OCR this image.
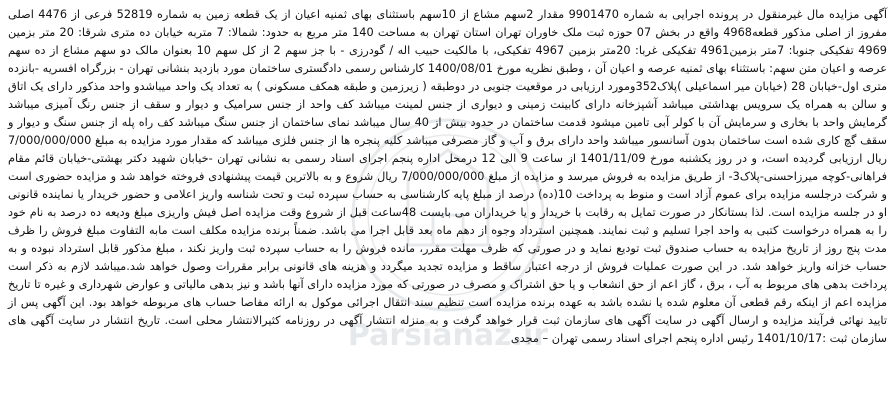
آگهی مزایده مال غیرمنقول در پرونده اجرایی به شماره 9901470 مقدار 2سهم مشاع از 10سهم باستثنای بهای ثمنیه اعیان از یک قطعه زمین به شماره 52819 فرعی از 4476 اصلی مفروز از اصلی مذکور قطعه4968 واقع در بخش 07 حوزه ثبت ملک خاوران تهران استان تهران به مساحت 140 متر مربع به حدود: شمالا: 7 متربه خیابان ده متری شرقا: 20 متر بزمین 4969 تفکیکی جنوبا: 7متر بزمین4961 تفکیکی غربا: 20متر بزمین 4967 تفکیکی، با مالکیت حبیب اله / گودرزی - با جز سهم 2 از کل سهم 10 بعنوان مالک دو سهم مشاع از ده سهم عرصه و اعیان متن سهم: باستثناء بهای ثمنیه عرصه و اعیان آن ، وطبق نظریه مورخ 1400/08/01 کارشناس رسمی دادگستری ساختمان مورد بازدید بنشانی تهران - بزرگراه افسریه -بانزده متری اول-خیابان 28 (خیابان میر اسماعیلی )پلاک352ومورد ارزیابی در موقعیت جنوبی در دوطبقه ( زیرزمین و طبقه همکف مسکونی ) به تعداد یک واحد میباشدو واحد مذکور دارای یک اتاق و سالن به همراه یک سرویس بهداشتی میباشد آشپزخانه دارای کابینت زمینی و دیواری از جنس لمینت میباشد کف واحد از جنس سرامیک و دیوار و سقف از جنس رنگ آمیزی میباشد گرمایش واحد با بخاری و سرمایش آن با کولر آبی تامین میشود قدمت ساختمان در حدود بیش از 40 سال میباشد نمای ساختمان از جنس سنگ میباشد کف راه پله از جنس سنگ و دیوار و سقف گچ کاری شده است ساختمان بدون آسانسور میباشد واحد دارای برق و آب و گاز مصرفی میباشد کلیه پنجره ها از جنس فلزی میباشد که مقدار مورد مزایده به مبلغ 7/000/000/000 ریال ارزیابی گردیده است، و در روز یکشنبه مورخ 1401/11/09 از ساعت 9 الی 12 درمحل اداره پنجم اجرای اسناد رسمی به نشانی تهران -خیابان شهید دکتر بهشتی-خیابان قائم مقام فراهانی-کوچه میرزاحسنی-پلاک3- از طریق مزایده به فروش میرسد و مزایده از مبلغ 7/000/000/000 ریال شروع و به بالاترین قیمت پیشنهادی فروخته خواهد شد و مزایده حضوری است و شرکت درجلسه مزایده برای عموم آزاد است و منوط به پرداخت 10(ده) درصد از مبلغ پایه کارشناسی به حساب سپرده ثبت و تحت شناسه واریز اعلامی و حضور خریدار یا نماینده قانونی او در جلسه مزایده است. لذا بستانکار در صورت تمایل به رقابت با خریدار و یا خریداران می بایست 48ساعت قبل از شروع وقت مزایده اصل فیش واریزی مبلغ ودیعه ده درصد به نام خود را به همراه درخواست کتبی به واحد اجرا تسلیم و ثبت نمایند. همچنین استرداد وجوه از دهم ماه بعد قابل اجرا می باشد. ضمناً برنده مزایده مکلف است مابه التفاوت مبلغ فروش را ظرف مدت پنج روز از تاریخ مزایده به حساب صندوق ثبت تودیع نماید و در صورتی که ظرف مهلت مقرر، مانده فروش را به حساب سپرده ثبت واریز نکند ، مبلغ مذکور قابل استرداد نبوده و به حساب خزانه واریز خواهد شد. در این صورت عملیات فروش از درجه اعتبار ساقط و مزایده تجدید میگردد و هزینه های قانونی برابر مقررات وصول خواهد شد.میباشد لازم به ذکر است پرداخت بدهی های مربوط به آب ، برق ، گاز اعم از حق انشعاب و یا حق اشتراک و مصرف در صورتی که مورد مزایده دارای آنها باشد و نیز بدهی مالیاتی و عوارض شهرداری و غیره تا تاریخ مزایده اعم از اینکه رقم قطعی آن معلوم شده یا نشده باشد به عهده برنده مزایده است تنظیم سند انتقال اجرائی موکول به ارائه مفاصا حساب های مربوطه خواهد بود. این آگهی پس از تایید نهائی فرآیند مزایده و ارسال آگهی در سایت آگهی های سازمان ثبت قرار خواهد گرفت و به منزله انتشار آگهی در روزنامه کثیرالانتشار محلی است. تاریخ انتشار در سایت آگهی های سازمان ثبت :1401/10/17 رئیس اداره پنجم اجرای اسناد رسمی تهران – مجدی

Parsianaz.ir
